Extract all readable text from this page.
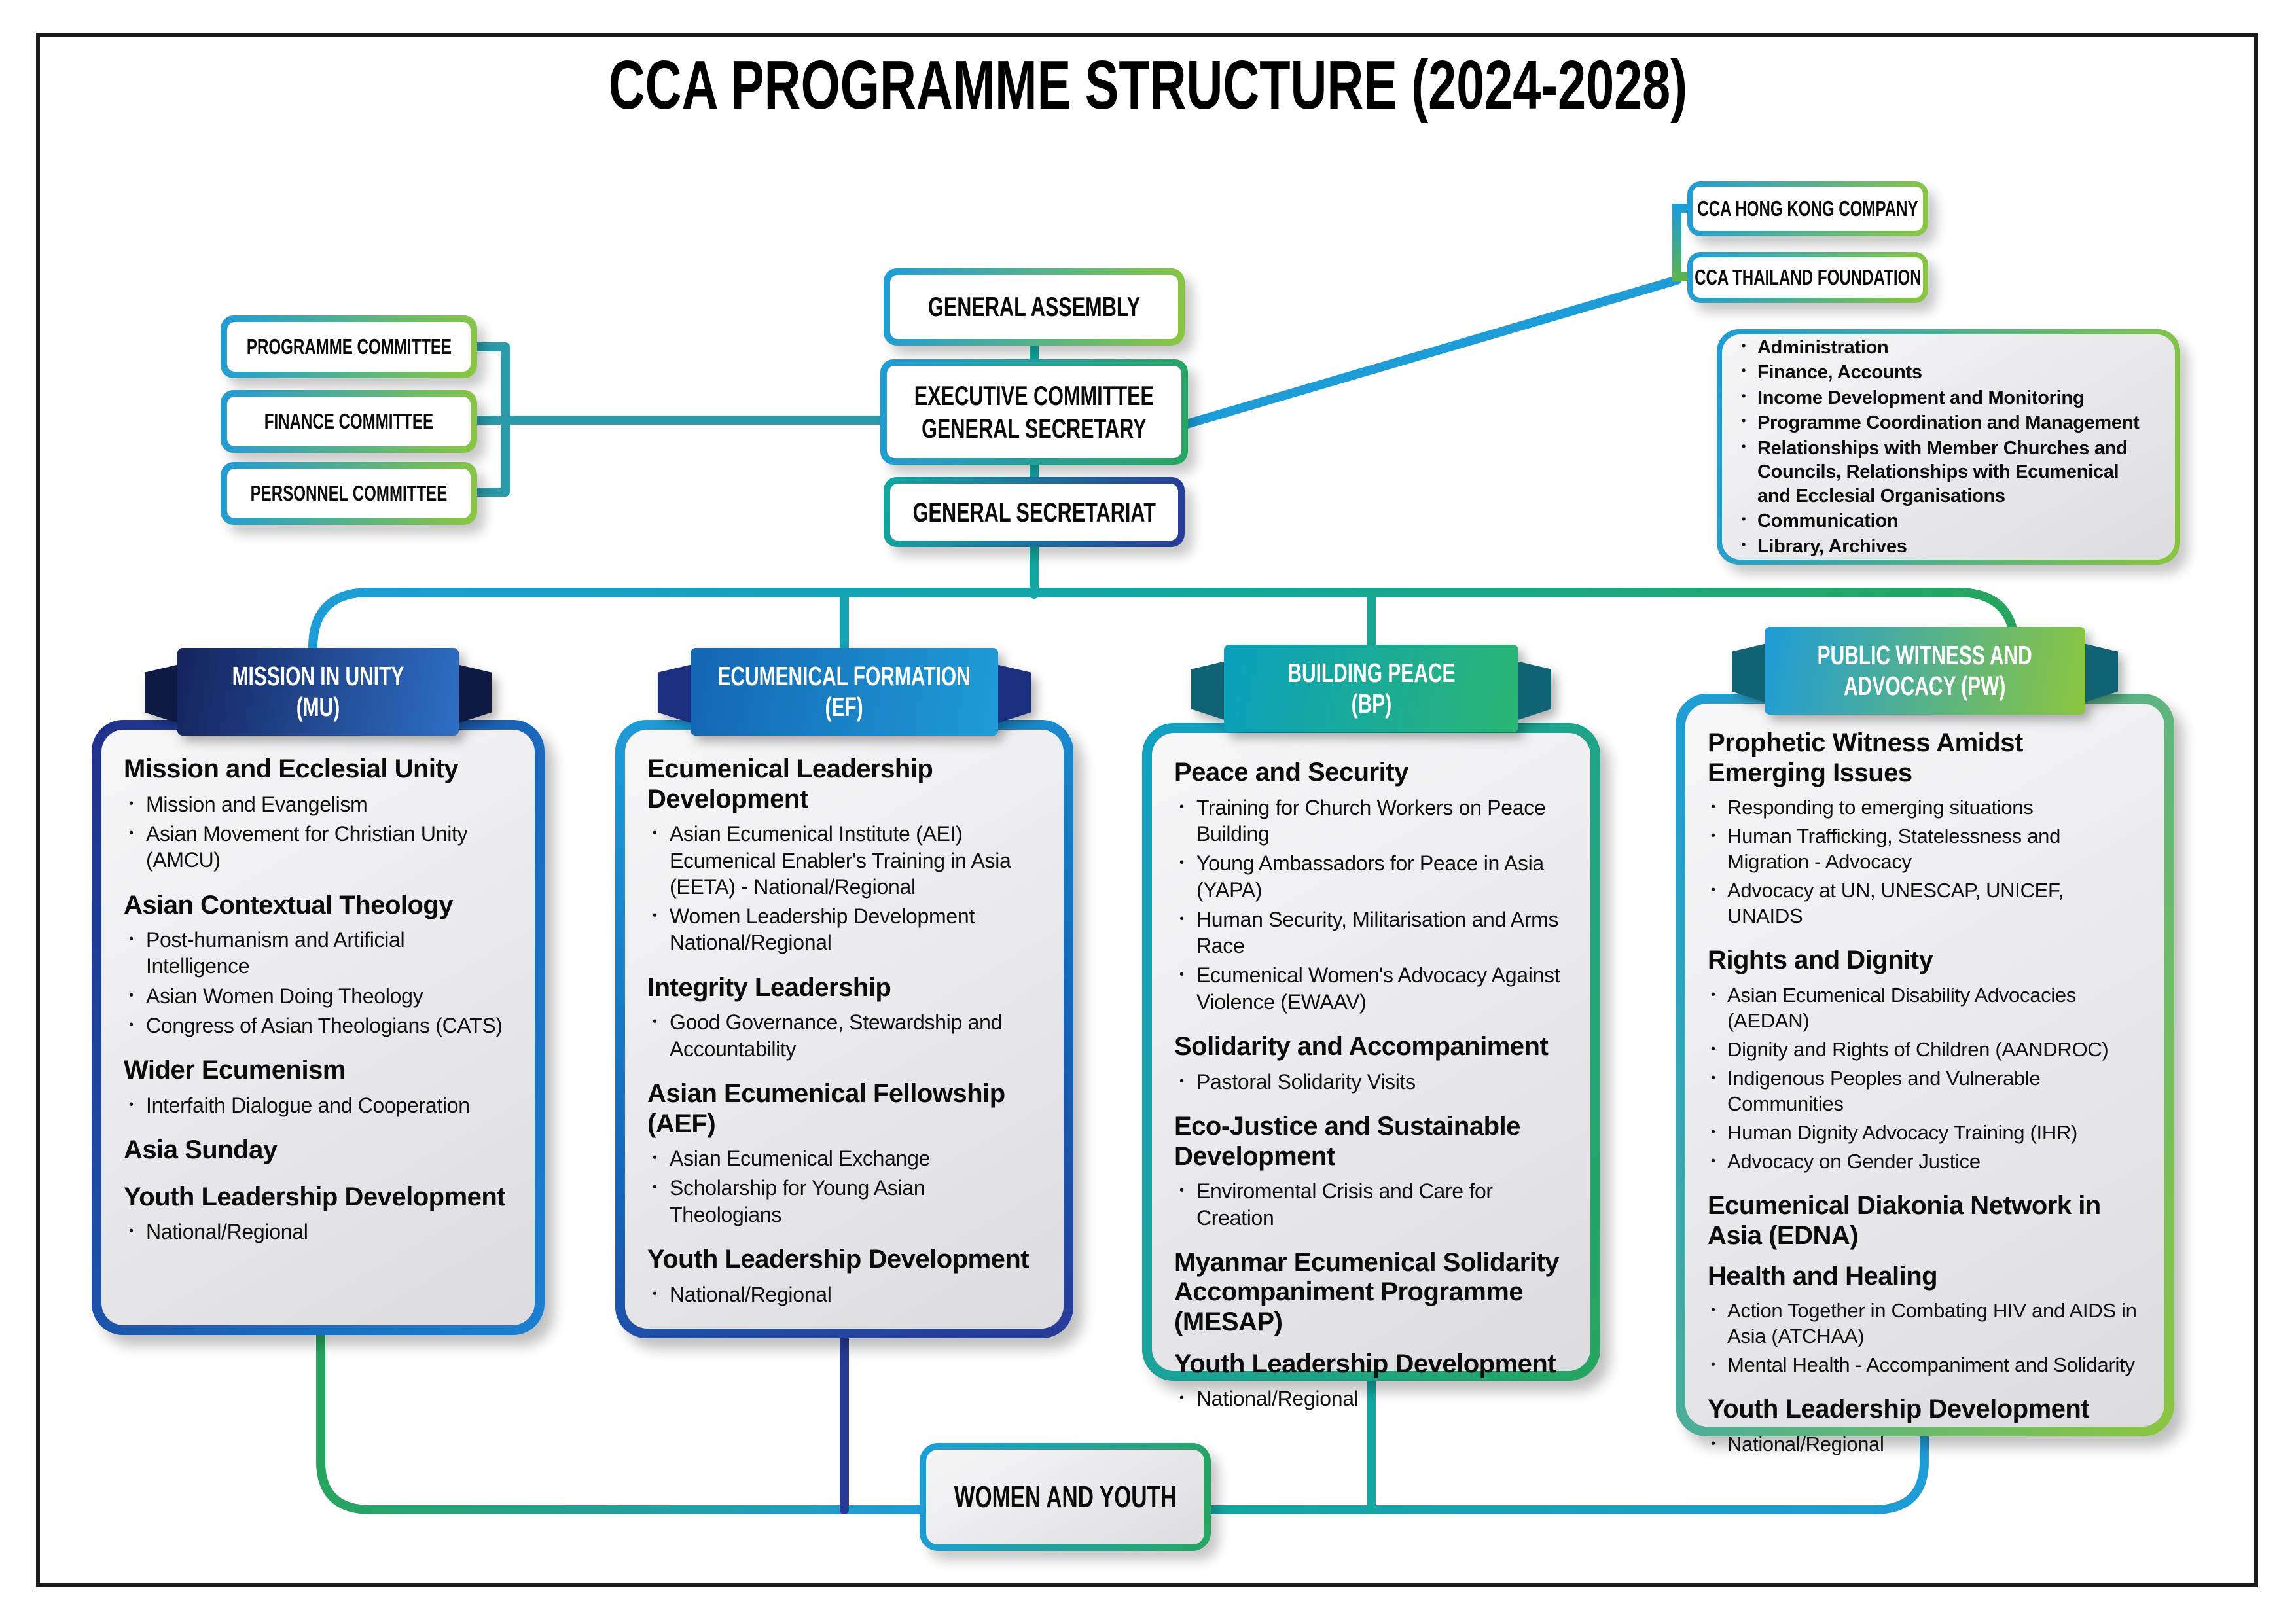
CCA PROGRAMME STRUCTURE (2024-2028)
PROGRAMME COMMITTEE
FINANCE COMMITTEE
PERSONNEL COMMITTEE
GENERAL ASSEMBLY
EXECUTIVE COMMITTEE
GENERAL SECRETARY
GENERAL SECRETARIAT
CCA HONG KONG COMPANY
CCA THAILAND FOUNDATION
• Administration
• Finance, Accounts
• Income Development and Monitoring
• Programme Coordination and Management
• Relationships with Member Churches and Councils, Relationships with Ecumenical and Ecclesial Organisations
• Communication
• Library, Archives
Mission and Ecclesial Unity
• Mission and Evangelism
• Asian Movement for Christian Unity (AMCU)
Asian Contextual Theology
• Post-humanism and Artificial Intelligence
• Asian Women Doing Theology
• Congress of Asian Theologians (CATS)
Wider Ecumenism
• Interfaith Dialogue and Cooperation
Asia Sunday
Youth Leadership Development
• National/Regional
MISSION IN UNITY
(MU)
Ecumenical Leadership Development
• Asian Ecumenical Institute (AEI) Ecumenical Enabler's Training in Asia (EETA) - National/Regional
• Women Leadership Development National/Regional
Integrity Leadership
• Good Governance, Stewardship and Accountability
Asian Ecumenical Fellowship (AEF)
• Asian Ecumenical Exchange
• Scholarship for Young Asian Theologians
Youth Leadership Development
• National/Regional
ECUMENICAL FORMATION
(EF)
Peace and Security
• Training for Church Workers on Peace Building
• Young Ambassadors for Peace in Asia (YAPA)
• Human Security, Militarisation and Arms Race
• Ecumenical Women's Advocacy Against Violence (EWAAV)
Solidarity and Accompaniment
• Pastoral Solidarity Visits
Eco-Justice and Sustainable Development
• Enviromental Crisis and Care for Creation
Myanmar Ecumenical Solidarity Accompaniment Programme (MESAP)
Youth Leadership Development
• National/Regional
BUILDING PEACE
(BP)
Prophetic Witness Amidst Emerging Issues
• Responding to emerging situations
• Human Trafficking, Statelessness and Migration - Advocacy
• Advocacy at UN, UNESCAP, UNICEF, UNAIDS
Rights and Dignity
• Asian Ecumenical Disability Advocacies (AEDAN)
• Dignity and Rights of Children (AANDROC)
• Indigenous Peoples and Vulnerable Communities
• Human Dignity Advocacy Training (IHR)
• Advocacy on Gender Justice
Ecumenical Diakonia Network in Asia (EDNA)
Health and Healing
• Action Together in Combating HIV and AIDS in Asia (ATCHAA)
• Mental Health - Accompaniment and Solidarity
Youth Leadership Development
• National/Regional
PUBLIC WITNESS AND
ADVOCACY (PW)
WOMEN AND YOUTH
